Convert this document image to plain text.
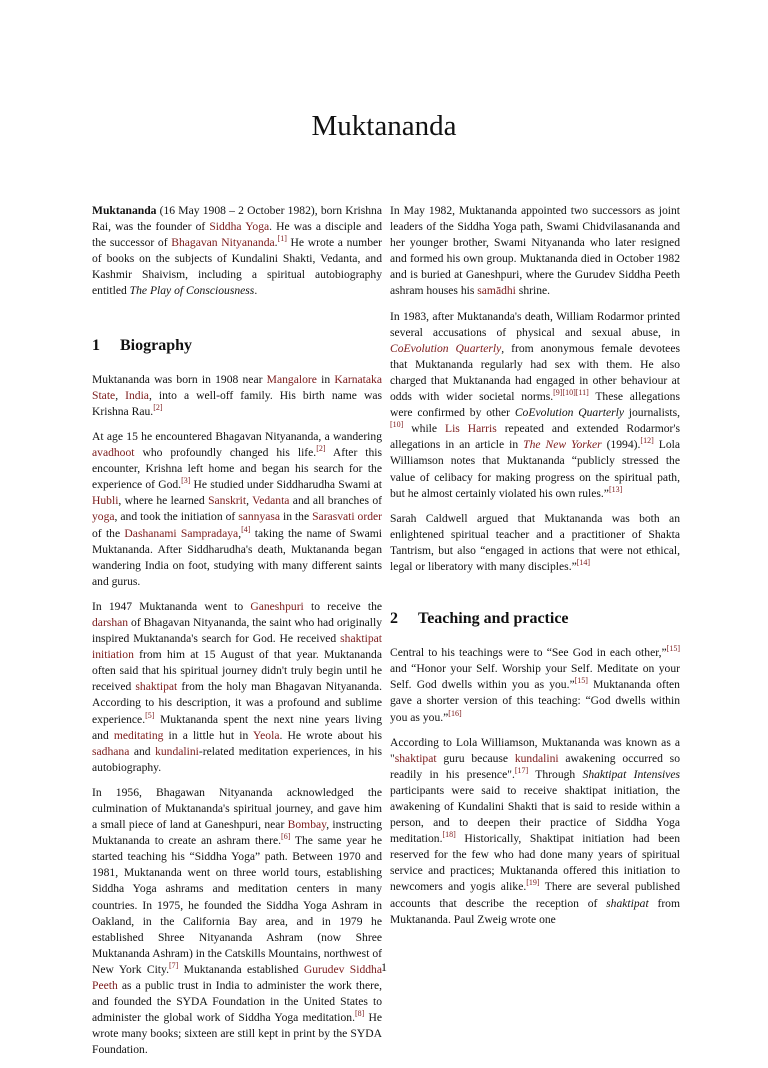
Muktananda

Muktananda (16 May 1908 – 2 October 1982), born Krishna Rai, was the founder of Siddha Yoga. He was a disciple and the successor of Bhagavan Nityananda.[1] He wrote a number of books on the subjects of Kundalini Shakti, Vedanta, and Kashmir Shaivism, including a spiritual autobiography entitled The Play of Consciousness.

1 Biography

Muktananda was born in 1908 near Mangalore in Karnataka State, India, into a well-off family. His birth name was Krishna Rau.[2]

At age 15 he encountered Bhagavan Nityananda, a wandering avadhoot who profoundly changed his life.[2] After this encounter, Krishna left home and began his search for the experience of God.[3] He studied under Siddharudha Swami at Hubli, where he learned Sanskrit, Vedanta and all branches of yoga, and took the initiation of sannyasa in the Sarasvati order of the Dashanami Sampradaya,[4] taking the name of Swami Muktananda. After Siddharudha's death, Muktananda began wandering India on foot, studying with many different saints and gurus.

In 1947 Muktananda went to Ganeshpuri to receive the darshan of Bhagavan Nityananda, the saint who had originally inspired Muktananda's search for God. He received shaktipat initiation from him at 15 August of that year. Muktananda often said that his spiritual journey didn't truly begin until he received shaktipat from the holy man Bhagavan Nityananda. According to his description, it was a profound and sublime experience.[5] Muktananda spent the next nine years living and meditating in a little hut in Yeola. He wrote about his sadhana and kundalini-related meditation experiences, in his autobiography.

In 1956, Bhagawan Nityananda acknowledged the culmination of Muktananda's spiritual journey, and gave him a small piece of land at Ganeshpuri, near Bombay, instructing Muktananda to create an ashram there.[6] The same year he started teaching his “Siddha Yoga” path. Between 1970 and 1981, Muktananda went on three world tours, establishing Siddha Yoga ashrams and meditation centers in many countries. In 1975, he founded the Siddha Yoga Ashram in Oakland, in the California Bay area, and in 1979 he established Shree Nityananda Ashram (now Shree Muktananda Ashram) in the Catskills Mountains, northwest of New York City.[7] Muktananda established Gurudev Siddha Peeth as a public trust in India to administer the work there, and founded the SYDA Foundation in the United States to administer the global work of Siddha Yoga meditation.[8] He wrote many books; sixteen are still kept in print by the SYDA Foundation.

In May 1982, Muktananda appointed two successors as joint leaders of the Siddha Yoga path, Swami Chidvilasananda and her younger brother, Swami Nityananda who later resigned and formed his own group. Muktananda died in October 1982 and is buried at Ganeshpuri, where the Gurudev Siddha Peeth ashram houses his samādhi shrine.

In 1983, after Muktananda's death, William Rodarmor printed several accusations of physical and sexual abuse, in CoEvolution Quarterly, from anonymous female devotees that Muktananda regularly had sex with them. He also charged that Muktananda had engaged in other behaviour at odds with wider societal norms.[9][10][11] These allegations were confirmed by other CoEvolution Quarterly journalists,[10] while Lis Harris repeated and extended Rodarmor's allegations in an article in The New Yorker (1994).[12] Lola Williamson notes that Muktananda “publicly stressed the value of celibacy for making progress on the spiritual path, but he almost certainly violated his own rules.”[13]

Sarah Caldwell argued that Muktananda was both an enlightened spiritual teacher and a practitioner of Shakta Tantrism, but also “engaged in actions that were not ethical, legal or liberatory with many disciples.”[14]

2 Teaching and practice

Central to his teachings were to “See God in each other,”[15] and “Honor your Self. Worship your Self. Meditate on your Self. God dwells within you as you.”[15] Muktananda often gave a shorter version of this teaching: “God dwells within you as you.”[16]

According to Lola Williamson, Muktananda was known as a "shaktipat guru because kundalini awakening occurred so readily in his presence".[17] Through Shaktipat Intensives participants were said to receive shaktipat initiation, the awakening of Kundalini Shakti that is said to reside within a person, and to deepen their practice of Siddha Yoga meditation.[18] Historically, Shaktipat initiation had been reserved for the few who had done many years of spiritual service and practices; Muktananda offered this initiation to newcomers and yogis alike.[19] There are several published accounts that describe the reception of shaktipat from Muktananda. Paul Zweig wrote one

1
